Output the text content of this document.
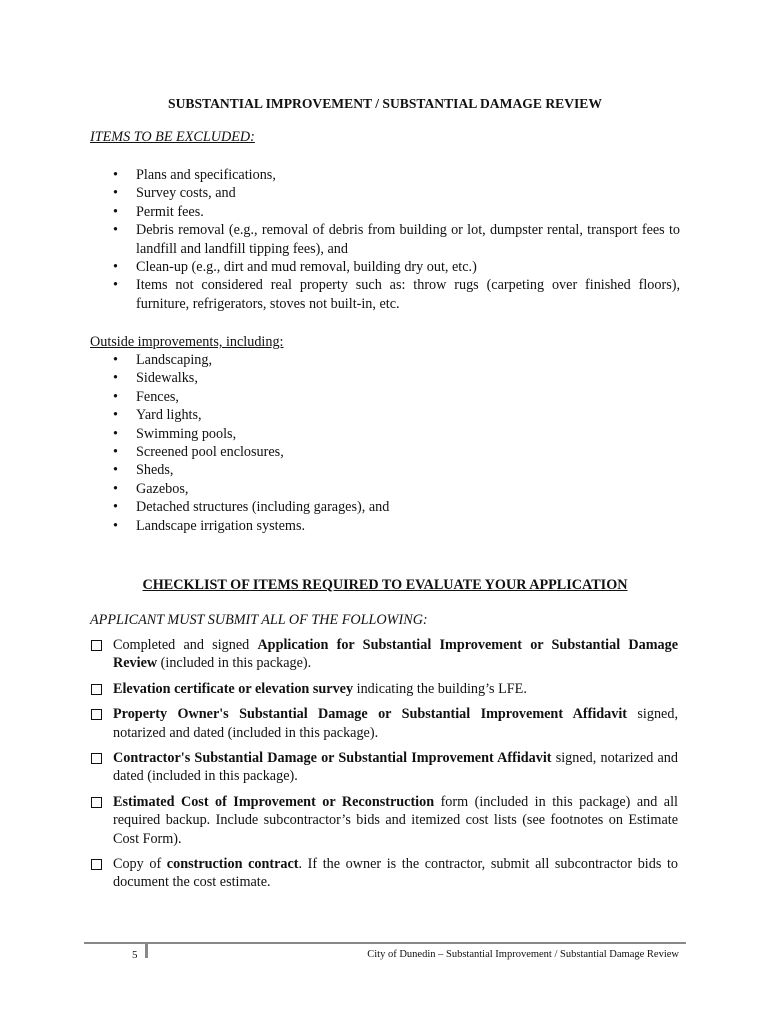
SUBSTANTIAL IMPROVEMENT / SUBSTANTIAL DAMAGE REVIEW
ITEMS TO BE EXCLUDED:
• Plans and specifications,
• Survey costs, and
• Permit fees.
• Debris removal (e.g., removal of debris from building or lot, dumpster rental, transport fees to landfill and landfill tipping fees), and
• Clean-up (e.g., dirt and mud removal, building dry out, etc.)
• Items not considered real property such as: throw rugs (carpeting over finished floors), furniture, refrigerators, stoves not built-in, etc.
Outside improvements, including:
• Landscaping,
• Sidewalks,
• Fences,
• Yard lights,
• Swimming pools,
• Screened pool enclosures,
• Sheds,
• Gazebos,
• Detached structures (including garages), and
• Landscape irrigation systems.
CHECKLIST OF ITEMS REQUIRED TO EVALUATE YOUR APPLICATION
APPLICANT MUST SUBMIT ALL OF THE FOLLOWING:
Completed and signed Application for Substantial Improvement or Substantial Damage Review (included in this package).
Elevation certificate or elevation survey indicating the building’s LFE.
Property Owner's Substantial Damage or Substantial Improvement Affidavit signed, notarized and dated (included in this package).
Contractor's Substantial Damage or Substantial Improvement Affidavit signed, notarized and dated (included in this package).
Estimated Cost of Improvement or Reconstruction form (included in this package) and all required backup. Include subcontractor’s bids and itemized cost lists (see footnotes on Estimate Cost Form).
Copy of construction contract. If the owner is the contractor, submit all subcontractor bids to document the cost estimate.
5	City of Dunedin – Substantial Improvement / Substantial Damage Review
